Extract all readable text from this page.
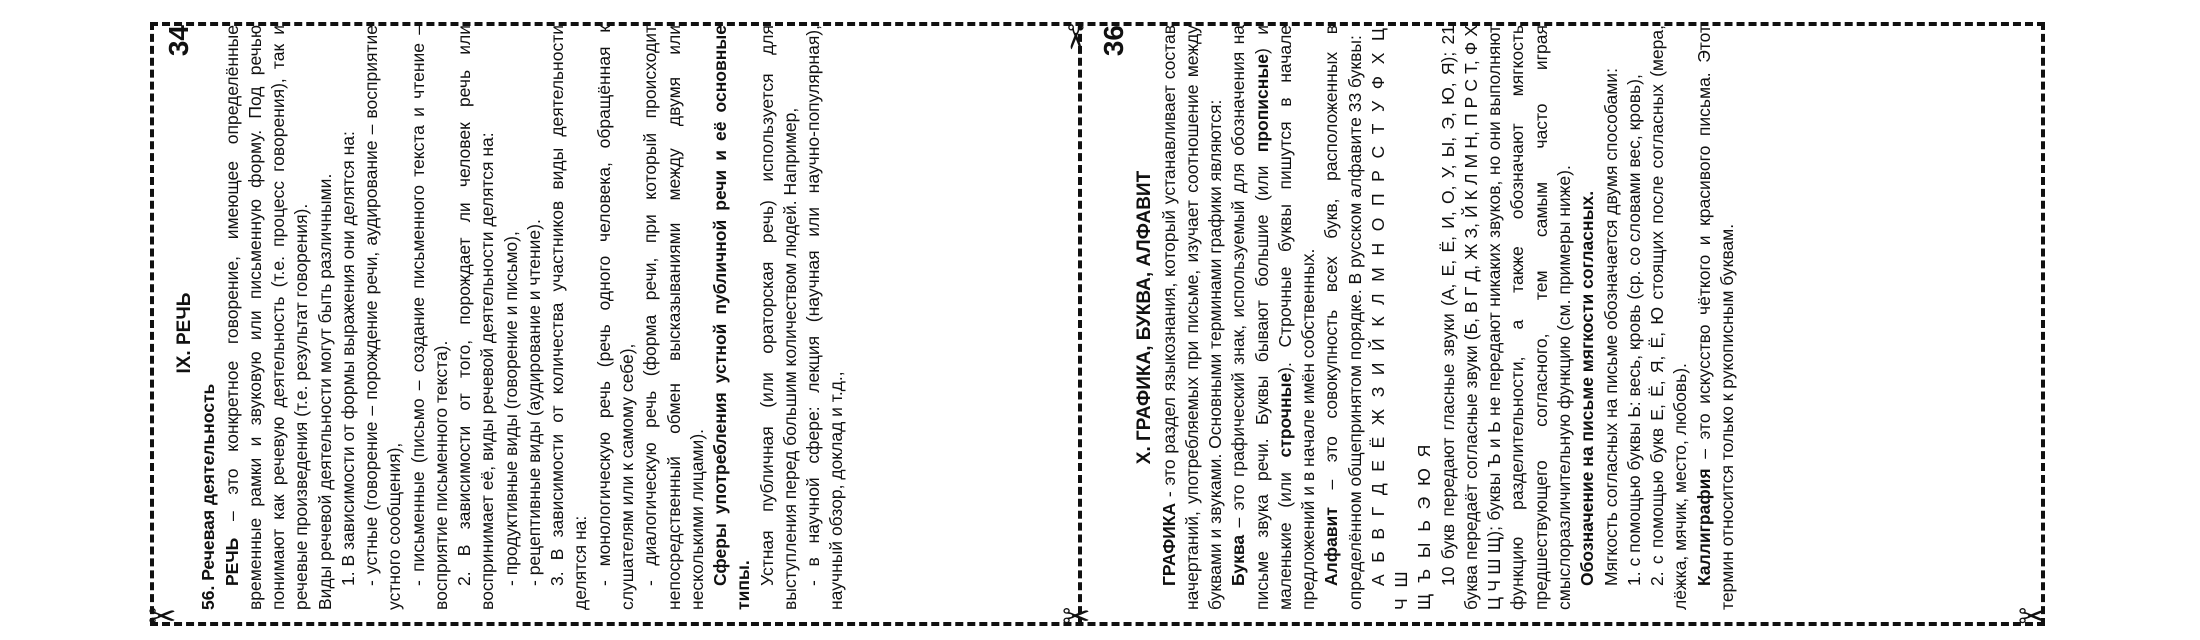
✂
✂
✂	✂
IX. РЕЧЬ
34

56. Речевая деятельность РЕЧЬ – это конкретное говорение, имеющее определённые временные рамки и звуковую или письменную форму. Под речью понимают как речевую деятельность (т.е. процесс говорения), так и речевые произведения (т.е. результат говорения). Виды речевой деятельности могут быть различными. 1. В зависимости от формы выражения они делятся на: - устные (говорение – порождение речи, аудирование – восприятие устного сообщения), - письменные (письмо – создание письменного текста и чтение – восприятие письменного текста). 2. В зависимости от того, порождает ли человек речь или воспринимает её, виды речевой деятельности делятся на: - продуктивные виды (говорение и письмо), - рецептивные виды (аудирование и чтение). 3. В зависимости от количества участников виды деятельности делятся на: - монологическую речь (речь одного человека, обращённая к слушателям или к самому себе), - диалогическую речь (форма речи, при который происходит непосредственный обмен высказываниями между двумя или несколькими лицами). Сферы употребления устной публичной речи и её основные типы. Устная публичная (или ораторская речь) используется для выступления перед большим количеством людей. Например, - в научной сфере: лекция (научная или научно-популярная), научный обзор, доклад и т.д.,

36

X. ГРАФИКА, БУКВА, АЛФАВИТ

ГРАФИКА - это раздел языкознания, который устанавливает состав начертаний, употребляемых при письме, изучает соотношение между буквами и звуками. Основными терминами графики являются: Буква – это графический знак, используемый для обозначения на письме звука речи. Буквы бывают большие (или прописные) и маленькие (или строчные). Строчные буквы пишутся в начале предложений и в начале имён собственных. Алфавит – это совокупность всех букв, расположенных в определённом общепринятом порядке. В русском алфавите 33 буквы: А Б В Г Д Е Ё Ж З И Й К Л М Н О П Р С Т У Ф Х Ц Ч Ш Щ Ъ Ы Ь Э Ю Я 10 букв передают гласные звуки (А, Е, Ё, И, О, У, Ы, Э, Ю, Я); 21 буква передаёт согласные звуки (Б, В Г Д, Ж З, Й К Л М Н, П Р С Т, Ф Х Ц Ч Ш Щ); буквы Ъ и Ь не передают никаких звуков, но они выполняют функцию разделительности, а также обозначают мягкость предшествующего согласного, тем самым часто играя смыслоразличительную функцию (см. примеры ниже). Обозначение на письме мягкости согласных. Мягкость согласных на письме обозначается двумя способами: 1. с помощью буквы Ь: весь, кровь (ср. со словами вес, кровь), 2. с помощью букв Е, Ё, Я, Ё, Ю стоящих после согласных (мера, лёжка, мячик, место, любовь). Каллиграфия – это искусство чёткого и красивого письма. Этот термин относится только к рукописным буквам.
